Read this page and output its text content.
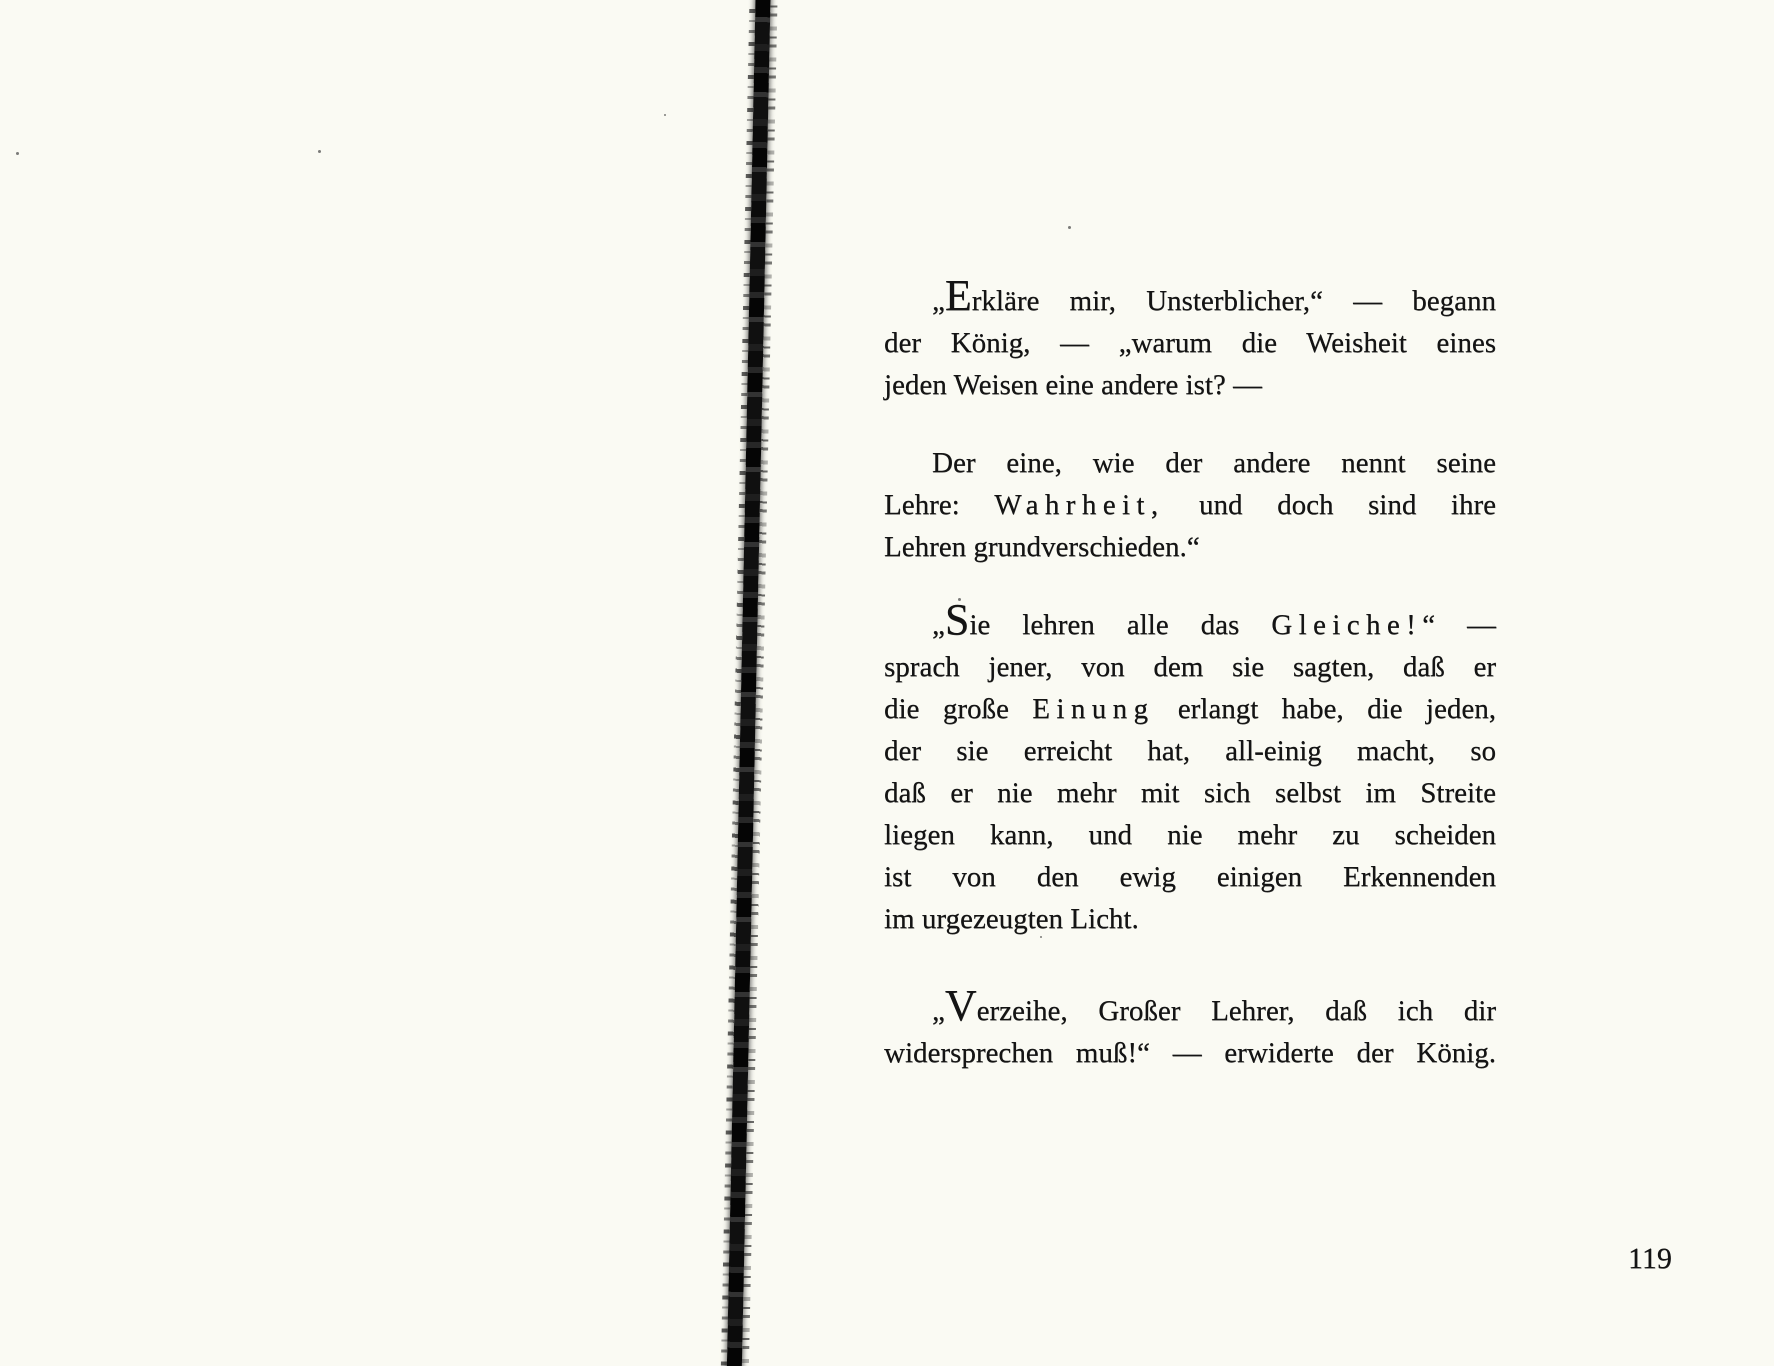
„Erkläre mir, Unsterblicher,“ — begann
der König, — „warum die Weisheit eines
jeden Weisen eine andere ist? —
Der eine, wie der andere nennt seine
Lehre: Wahrheit, und doch sind ihre
Lehren grundverschieden.“
„Sie lehren alle das Gleiche!“ —
sprach jener, von dem sie sagten, daß er
die große Einung erlangt habe, die jeden,
der sie erreicht hat, all-einig macht, so
daß er nie mehr mit sich selbst im Streite
liegen kann, und nie mehr zu scheiden
ist von den ewig einigen Erkennenden
im urgezeugten Licht.
„Verzeihe, Großer Lehrer, daß ich dir
widersprechen muß!“ — erwiderte der König.
119
